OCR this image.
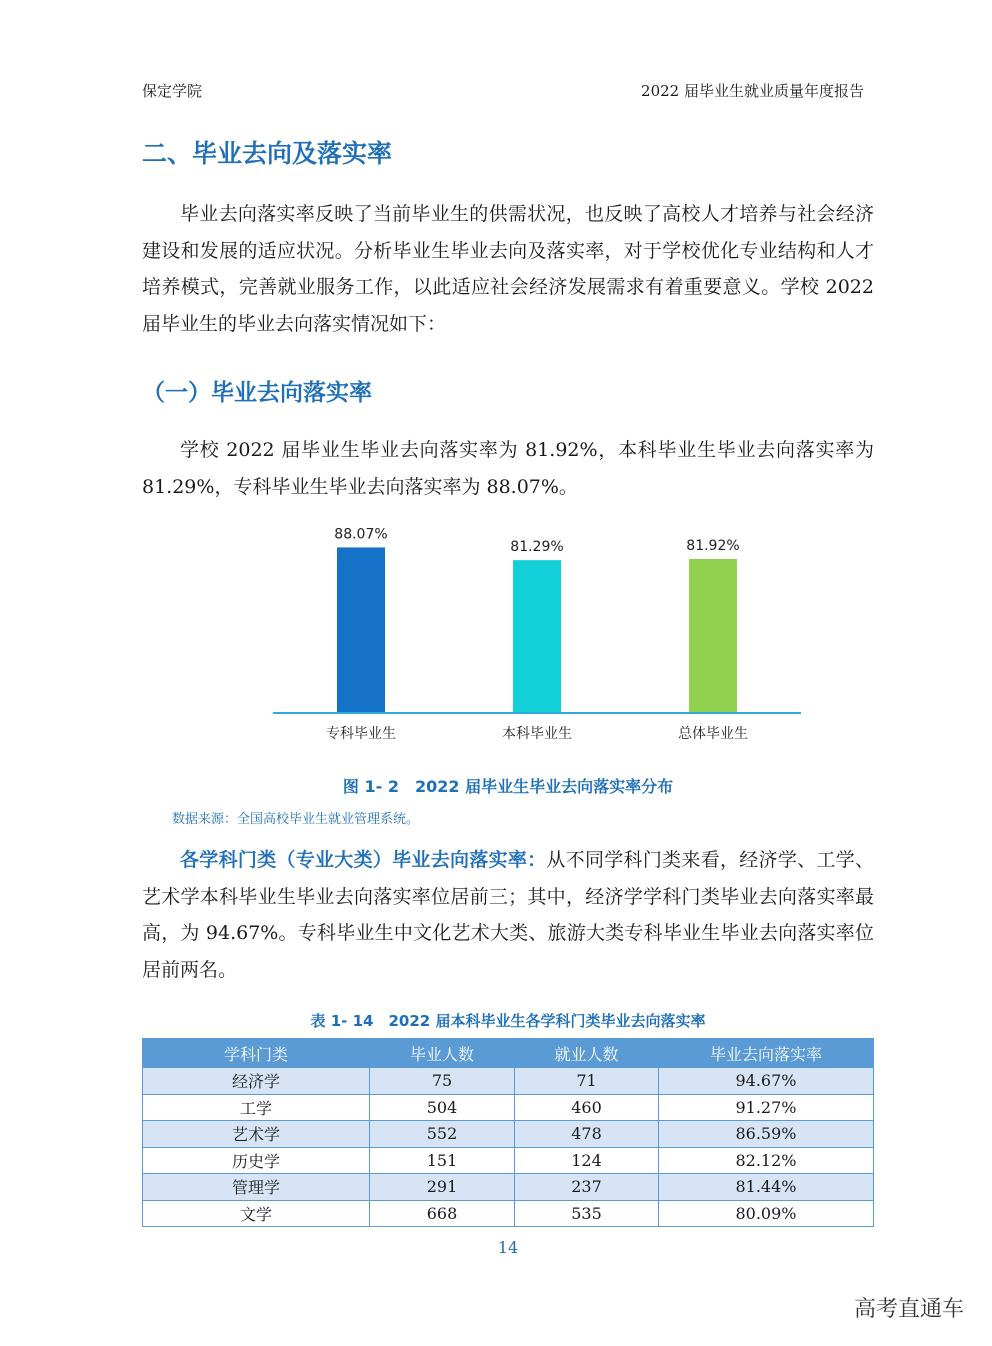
保定学院	2022 届毕业生就业质量年度报告
二、毕业去向及落实率

毕业去向落实率反映了当前毕业生的供需状况，也反映了高校人才培养与社会经济建设和发展的适应状况。分析毕业生毕业去向及落实率，对于学校优化专业结构和人才培养模式，完善就业服务工作，以此适应社会经济发展需求有着重要意义。学校 2022 届毕业生的毕业去向落实情况如下：

（一）毕业去向落实率

学校 2022 届毕业生毕业去向落实率为 81.92%，本科毕业生毕业去向落实率为 81.29%，专科毕业生毕业去向落实率为 88.07%。

88.07%
专科毕业生
81.29%
本科毕业生
81.92%
总体毕业生
图 1- 2　2022 届毕业生毕业去向落实率分布
数据来源：全国高校毕业生就业管理系统。

各学科门类（专业大类）毕业去向落实率：从不同学科门类来看，经济学、工学、艺术学本科毕业生毕业去向落实率位居前三；其中，经济学学科门类毕业去向落实率最高，为 94.67%。专科毕业生中文化艺术大类、旅游大类专科毕业生毕业去向落实率位居前两名。

表 1- 14　2022 届本科毕业生各学科门类毕业去向落实率
学科门类	毕业人数	就业人数	毕业去向落实率
经济学	75	71	94.67%
工学	504	460	91.27%
艺术学	552	478	86.59%
历史学	151	124	82.12%
管理学	291	237	81.44%
文学	668	535	80.09%
14
高考直通车
